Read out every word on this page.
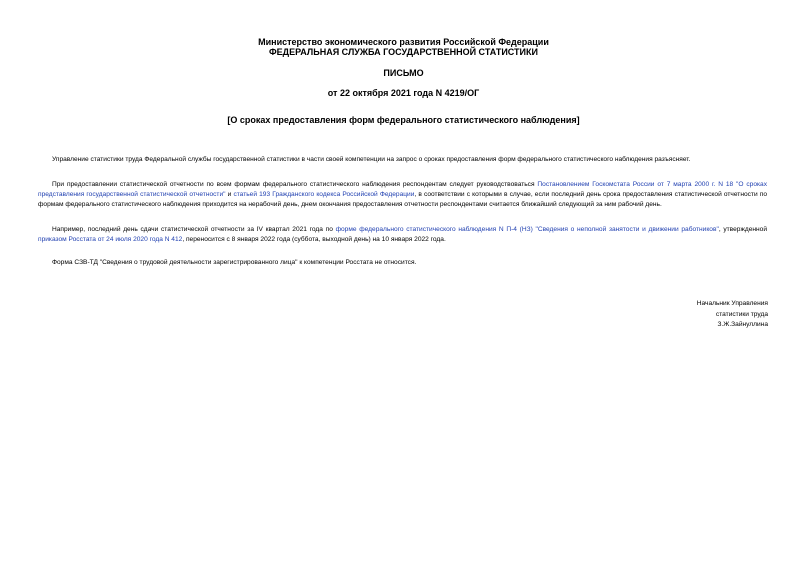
Министерство экономического развития Российской Федерации
ФЕДЕРАЛЬНАЯ СЛУЖБА ГОСУДАРСТВЕННОЙ СТАТИСТИКИ
ПИСЬМО
от 22 октября 2021 года N 4219/ОГ
[О сроках предоставления форм федерального статистического наблюдения]
Управление статистики труда Федеральной службы государственной статистики в части своей компетенции на запрос о сроках предоставления форм федерального статистического наблюдения разъясняет.
При предоставлении статистической отчетности по всем формам федерального статистического наблюдения респондентам следует руководствоваться Постановлением Госкомстата России от 7 марта 2000 г. N 18 "О сроках представления государственной статистической отчетности" и статьей 193 Гражданского кодекса Российской Федерации, в соответствии с которыми в случае, если последний день срока предоставления статистической отчетности по формам федерального статистического наблюдения приходится на нерабочий день, днем окончания предоставления отчетности респондентами считается ближайший следующий за ним рабочий день.
Например, последний день сдачи статистической отчетности за IV квартал 2021 года по форме федерального статистического наблюдения N П-4 (НЗ) "Сведения о неполной занятости и движении работников", утвержденной приказом Росстата от 24 июля 2020 года N 412, переносится с 8 января 2022 года (суббота, выходной день) на 10 января 2022 года.
Форма СЗВ-ТД "Сведения о трудовой деятельности зарегистрированного лица" к компетенции Росстата не относится.
Начальник Управления
статистики труда
З.Ж.Зайнуллина
